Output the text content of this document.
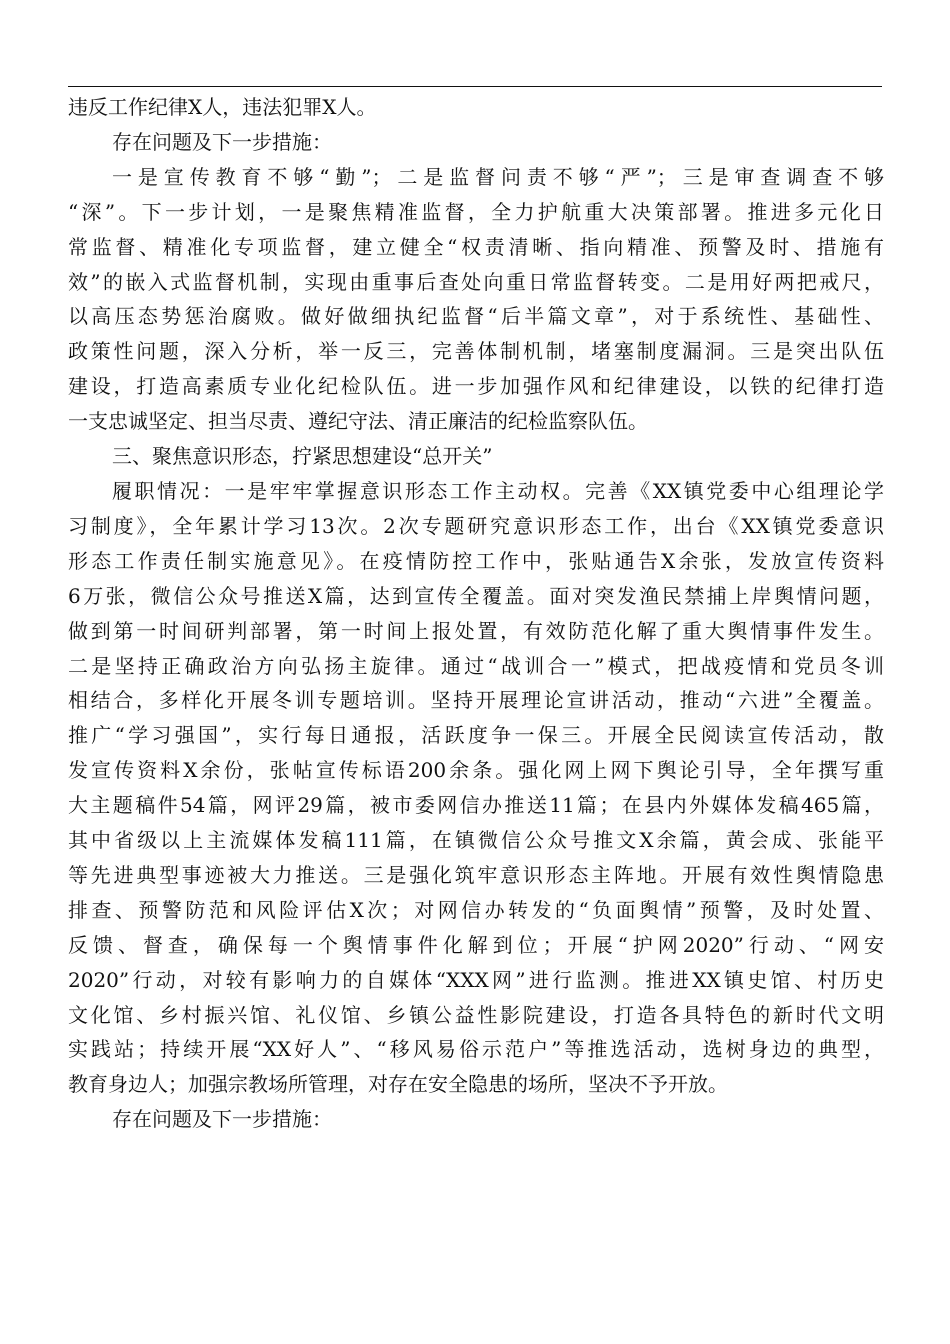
违反工作纪律X人，违法犯罪X人。
存在问题及下一步措施：
一是宣传教育不够“勤”；二是监督问责不够“严”；三是审查调查不够
“深”。下一步计划，一是聚焦精准监督，全力护航重大决策部署。推进多元化日
常监督、精准化专项监督，建立健全“权责清晰、指向精准、预警及时、措施有
效”的嵌入式监督机制，实现由重事后查处向重日常监督转变。二是用好两把戒尺，
以高压态势惩治腐败。做好做细执纪监督“后半篇文章”，对于系统性、基础性、
政策性问题，深入分析，举一反三，完善体制机制，堵塞制度漏洞。三是突出队伍
建设，打造高素质专业化纪检队伍。进一步加强作风和纪律建设，以铁的纪律打造
一支忠诚坚定、担当尽责、遵纪守法、清正廉洁的纪检监察队伍。
三、聚焦意识形态，拧紧思想建设“总开关”
履职情况：一是牢牢掌握意识形态工作主动权。完善《XX镇党委中心组理论学
习制度》，全年累计学习13次。2次专题研究意识形态工作，出台《XX镇党委意识
形态工作责任制实施意见》。在疫情防控工作中，张贴通告X余张，发放宣传资料
6万张，微信公众号推送X篇，达到宣传全覆盖。面对突发渔民禁捕上岸舆情问题，
做到第一时间研判部署，第一时间上报处置，有效防范化解了重大舆情事件发生。
二是坚持正确政治方向弘扬主旋律。通过“战训合一”模式，把战疫情和党员冬训
相结合，多样化开展冬训专题培训。坚持开展理论宣讲活动，推动“六进”全覆盖。
推广“学习强国”，实行每日通报，活跃度争一保三。开展全民阅读宣传活动，散
发宣传资料X余份，张帖宣传标语200余条。强化网上网下舆论引导，全年撰写重
大主题稿件54篇，网评29篇，被市委网信办推送11篇；在县内外媒体发稿465篇，
其中省级以上主流媒体发稿111篇，在镇微信公众号推文X余篇，黄会成、张能平
等先进典型事迹被大力推送。三是强化筑牢意识形态主阵地。开展有效性舆情隐患
排查、预警防范和风险评估X次；对网信办转发的“负面舆情”预警，及时处置、
反馈、督查，确保每一个舆情事件化解到位；开展“护网2020”行动、“网安
2020”行动，对较有影响力的自媒体“XXX网”进行监测。推进XX镇史馆、村历史
文化馆、乡村振兴馆、礼仪馆、乡镇公益性影院建设，打造各具特色的新时代文明
实践站；持续开展“XX好人”、“移风易俗示范户”等推选活动，选树身边的典型，
教育身边人；加强宗教场所管理，对存在安全隐患的场所，坚决不予开放。
存在问题及下一步措施：
